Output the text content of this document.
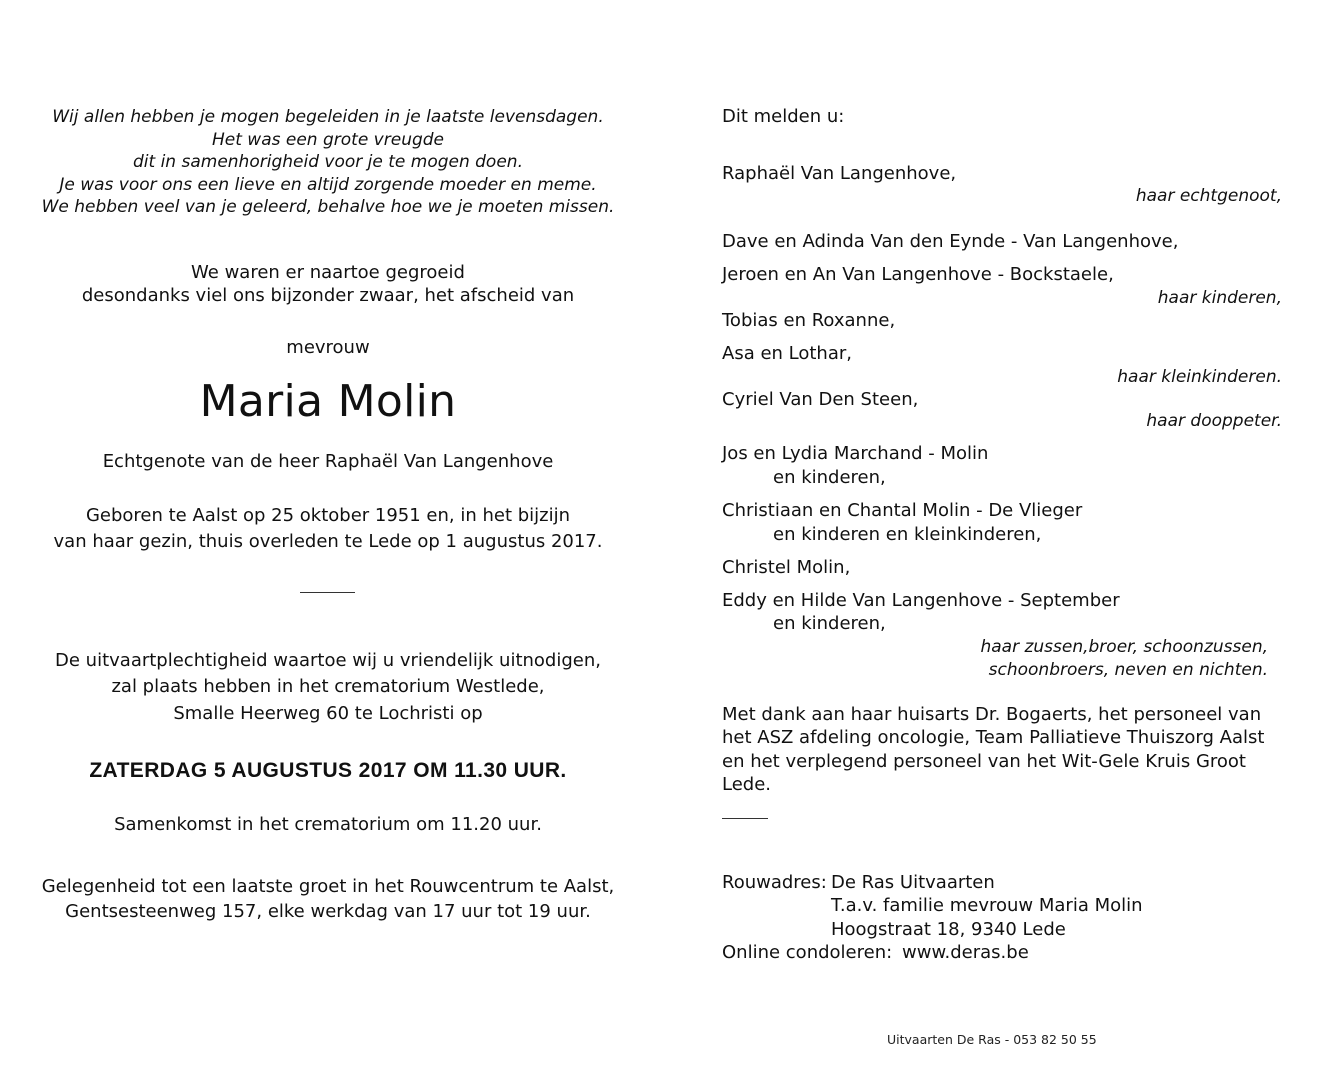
Wij allen hebben je mogen begeleiden in je laatste levensdagen.
Het was een grote vreugde
dit in samenhorigheid voor je te mogen doen.
Je was voor ons een lieve en altijd zorgende moeder en meme.
We hebben veel van je geleerd, behalve hoe we je moeten missen.
We waren er naartoe gegroeid
desondanks viel ons bijzonder zwaar, het afscheid van
mevrouw
Maria Molin
Echtgenote van de heer Raphaël Van Langenhove
Geboren te Aalst op 25 oktober 1951 en, in het bijzijn
van haar gezin, thuis overleden te Lede op 1 augustus 2017.
De uitvaartplechtigheid waartoe wij u vriendelijk uitnodigen,
zal plaats hebben in het crematorium Westlede,
Smalle Heerweg 60 te Lochristi op
ZATERDAG 5 AUGUSTUS 2017 OM 11.30 UUR.
Samenkomst in het crematorium om 11.20 uur.
Gelegenheid tot een laatste groet in het Rouwcentrum te Aalst,
Gentsesteenweg 157, elke werkdag van 17 uur tot 19 uur.
Dit melden u:
Raphaël Van Langenhove,
haar echtgenoot,
Dave en Adinda Van den Eynde - Van Langenhove,
Jeroen en An Van Langenhove - Bockstaele,
haar kinderen,
Tobias en Roxanne,
Asa en Lothar,
haar kleinkinderen.
Cyriel Van Den Steen,
haar dooppeter.
Jos en Lydia Marchand - Molin
en kinderen,
Christiaan en Chantal Molin - De Vlieger
en kinderen en kleinkinderen,
Christel Molin,
Eddy en Hilde Van Langenhove - September
en kinderen,
haar zussen,broer, schoonzussen,
schoonbroers, neven en nichten.
Met dank aan haar huisarts Dr. Bogaerts, het personeel van
het ASZ afdeling oncologie, Team Palliatieve Thuiszorg Aalst
en het verplegend personeel van het Wit-Gele Kruis Groot
Lede.
Rouwadres: De Ras Uitvaarten
T.a.v. familie mevrouw Maria Molin
Hoogstraat 18, 9340 Lede
Online condoleren: www.deras.be
Uitvaarten De Ras - 053 82 50 55
